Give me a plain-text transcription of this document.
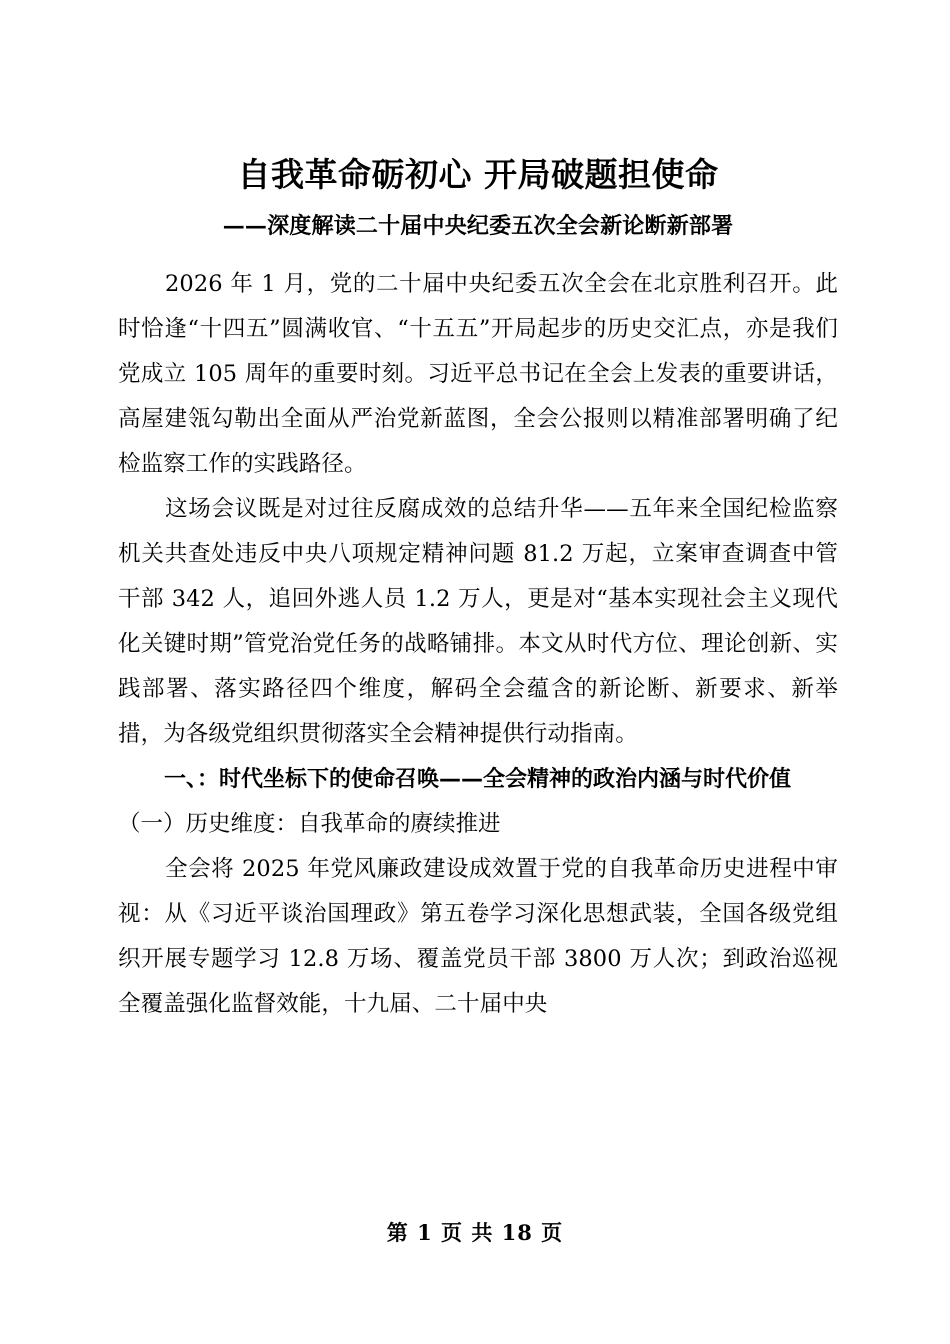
自我革命砺初心 开局破题担使命
——深度解读二十届中央纪委五次全会新论断新部署

2026 年 1 月，党的二十届中央纪委五次全会在北京胜利召开。此时恰逢“十四五”圆满收官、“十五五”开局起步的历史交汇点，亦是我们党成立 105 周年的重要时刻。习近平总书记在全会上发表的重要讲话，高屋建瓴勾勒出全面从严治党新蓝图，全会公报则以精准部署明确了纪检监察工作的实践路径。

这场会议既是对过往反腐成效的总结升华——五年来全国纪检监察机关共查处违反中央八项规定精神问题 81.2 万起，立案审查调查中管干部 342 人，追回外逃人员 1.2 万人，更是对“基本实现社会主义现代化关键时期”管党治党任务的战略铺排。本文从时代方位、理论创新、实践部署、落实路径四个维度，解码全会蕴含的新论断、新要求、新举措，为各级党组织贯彻落实全会精神提供行动指南。

一、：时代坐标下的使命召唤——全会精神的政治内涵与时代价值

（一）历史维度：自我革命的赓续推进

全会将 2025 年党风廉政建设成效置于党的自我革命历史进程中审视：从《习近平谈治国理政》第五卷学习深化思想武装，全国各级党组织开展专题学习 12.8 万场、覆盖党员干部 3800 万人次；到政治巡视全覆盖强化监督效能，十九届、二十届中央

第 1 页 共 18 页
